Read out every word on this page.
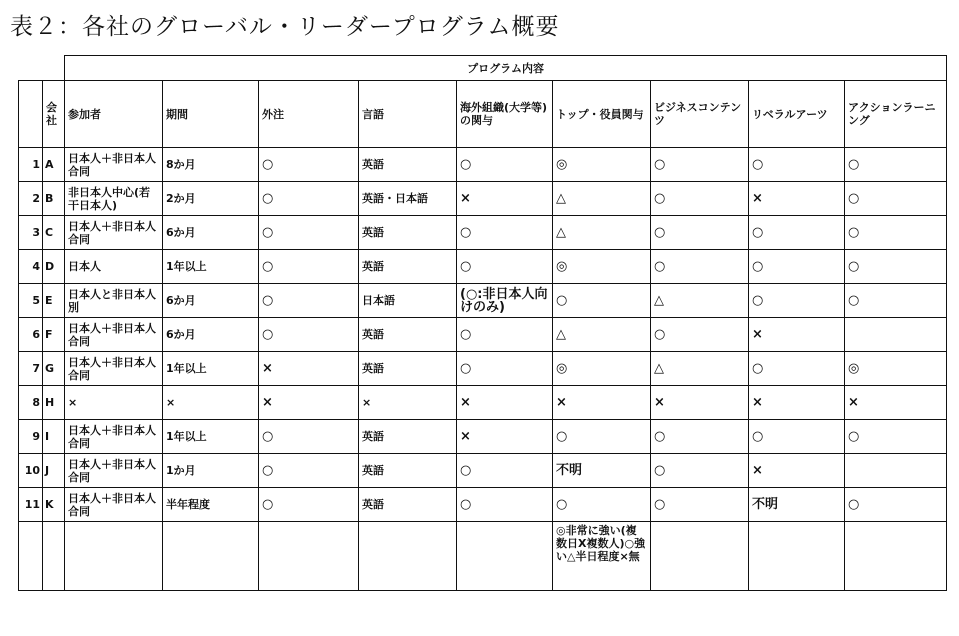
表２：各社のグローバル・リーダープログラム概要
		プログラム内容								
	会社	参加者	期間	外注	言語	海外組織(大学等)の関与	トップ・役員関与	ビジネスコンテンツ	リベラルアーツ	アクションラーニング
1	A	日本人＋非日本人合同	8か月	○	英語	○	◎	○	○	○
2	B	非日本人中心(若干日本人)	2か月	○	英語・日本語	×	△	○	×	○
3	C	日本人＋非日本人合同	6か月	○	英語	○	△	○	○	○
4	D	日本人	1年以上	○	英語	○	◎	○	○	○
5	E	日本人と非日本人別	6か月	○	日本語	(○:非日本人向けのみ)	○	△	○	○
6	F	日本人＋非日本人合同	6か月	○	英語	○	△	○	×	
7	G	日本人＋非日本人合同	1年以上	×	英語	○	◎	△	○	◎
8	H	×	×	×	×	×	×	×	×	×
9	I	日本人＋非日本人合同	1年以上	○	英語	×	○	○	○	○
10	J	日本人＋非日本人合同	1か月	○	英語	○	不明	○	×	
11	K	日本人＋非日本人合同	半年程度	○	英語	○	○	○	不明	○
							◎非常に強い(複数日X複数人)○強い△半日程度×無			
